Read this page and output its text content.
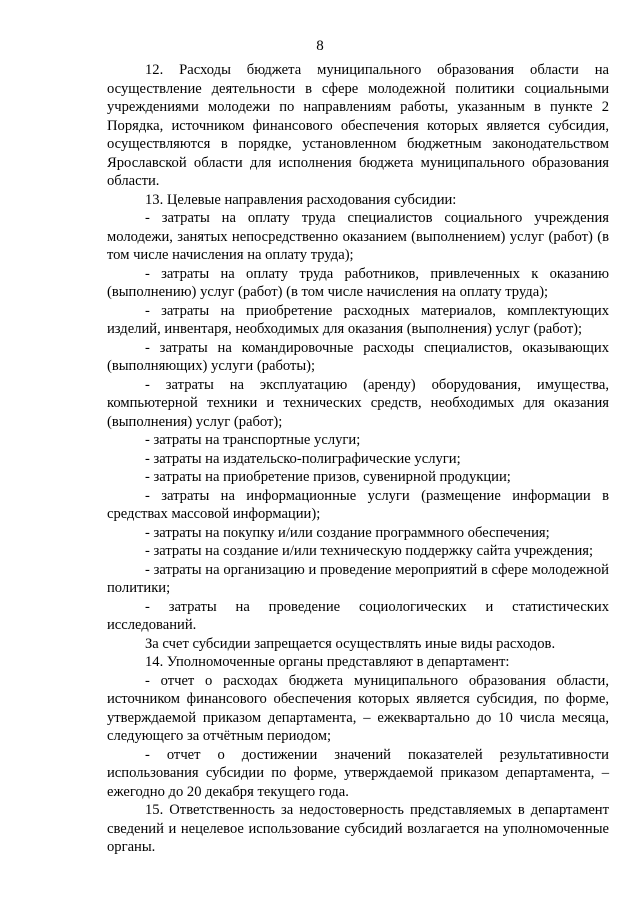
8

12. Расходы бюджета муниципального образования области на осуществление деятельности в сфере молодежной политики социальными учреждениями молодежи по направлениям работы, указанным в пункте 2 Порядка, источником финансового обеспечения которых является субсидия, осуществляются в порядке, установленном бюджетным законодательством Ярославской области для исполнения бюджета муниципального образования области.

13. Целевые направления расходования субсидии:

- затраты на оплату труда специалистов социального учреждения молодежи, занятых непосредственно оказанием (выполнением) услуг (работ) (в том числе начисления на оплату труда);

- затраты на оплату труда работников, привлеченных к оказанию (выполнению) услуг (работ) (в том числе начисления на оплату труда);

- затраты на приобретение расходных материалов, комплектующих изделий, инвентаря, необходимых для оказания (выполнения) услуг (работ);

- затраты на командировочные расходы специалистов, оказывающих (выполняющих) услуги (работы);

- затраты на эксплуатацию (аренду) оборудования, имущества, компьютерной техники и технических средств, необходимых для оказания (выполнения) услуг (работ);

- затраты на транспортные услуги;

- затраты на издательско-полиграфические услуги;

- затраты на приобретение призов, сувенирной продукции;

- затраты на информационные услуги (размещение информации в средствах массовой информации);

- затраты на покупку и/или создание программного обеспечения;

- затраты на создание и/или техническую поддержку сайта учреждения;

- затраты на организацию и проведение мероприятий в сфере молодежной политики;

- затраты на проведение социологических и статистических исследований.

За счет субсидии запрещается осуществлять иные виды расходов.

14. Уполномоченные органы представляют в департамент:

- отчет о расходах бюджета муниципального образования области, источником финансового обеспечения которых является субсидия, по форме, утверждаемой приказом департамента, – ежеквартально до 10 числа месяца, следующего за отчётным периодом;

- отчет о достижении значений показателей результативности использования субсидии по форме, утверждаемой приказом департамента, – ежегодно до 20 декабря текущего года.

15. Ответственность за недостоверность представляемых в департамент сведений и нецелевое использование субсидий возлагается на уполномоченные органы.
